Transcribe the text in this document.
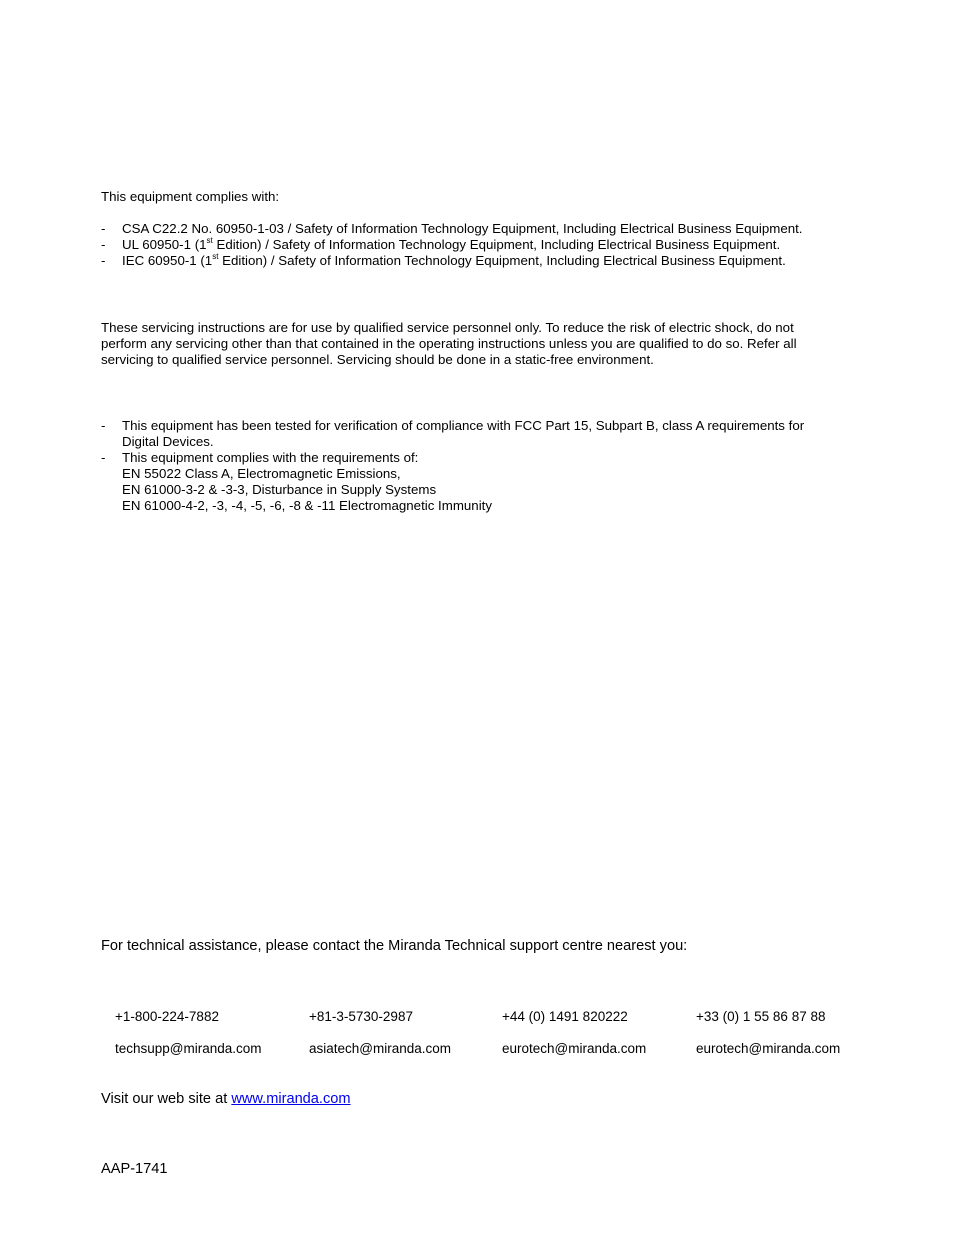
This equipment complies with:
- CSA C22.2 No. 60950-1-03 / Safety of Information Technology Equipment, Including Electrical Business Equipment.
- UL 60950-1 (1st Edition) / Safety of Information Technology Equipment, Including Electrical Business Equipment.
- IEC 60950-1 (1st Edition) / Safety of Information Technology Equipment, Including Electrical Business Equipment.
These servicing instructions are for use by qualified service personnel only. To reduce the risk of electric shock, do not
perform any servicing other than that contained in the operating instructions unless you are qualified to do so. Refer all
servicing to qualified service personnel. Servicing should be done in a static-free environment.
- This equipment has been tested for verification of compliance with FCC Part 15, Subpart B, class A requirements for
Digital Devices.
- This equipment complies with the requirements of:
EN 55022 Class A, Electromagnetic Emissions,
EN 61000-3-2 & -3-3, Disturbance in Supply Systems
EN 61000-4-2, -3, -4, -5, -6, -8 & -11 Electromagnetic Immunity
For technical assistance, please contact the Miranda Technical support centre nearest you:
+1-800-224-7882	+81-3-5730-2987	+44 (0) 1491 820222	+33 (0) 1 55 86 87 88
techsupp@miranda.com	asiatech@miranda.com	eurotech@miranda.com	eurotech@miranda.com
Visit our web site at www.miranda.com
AAP-1741
